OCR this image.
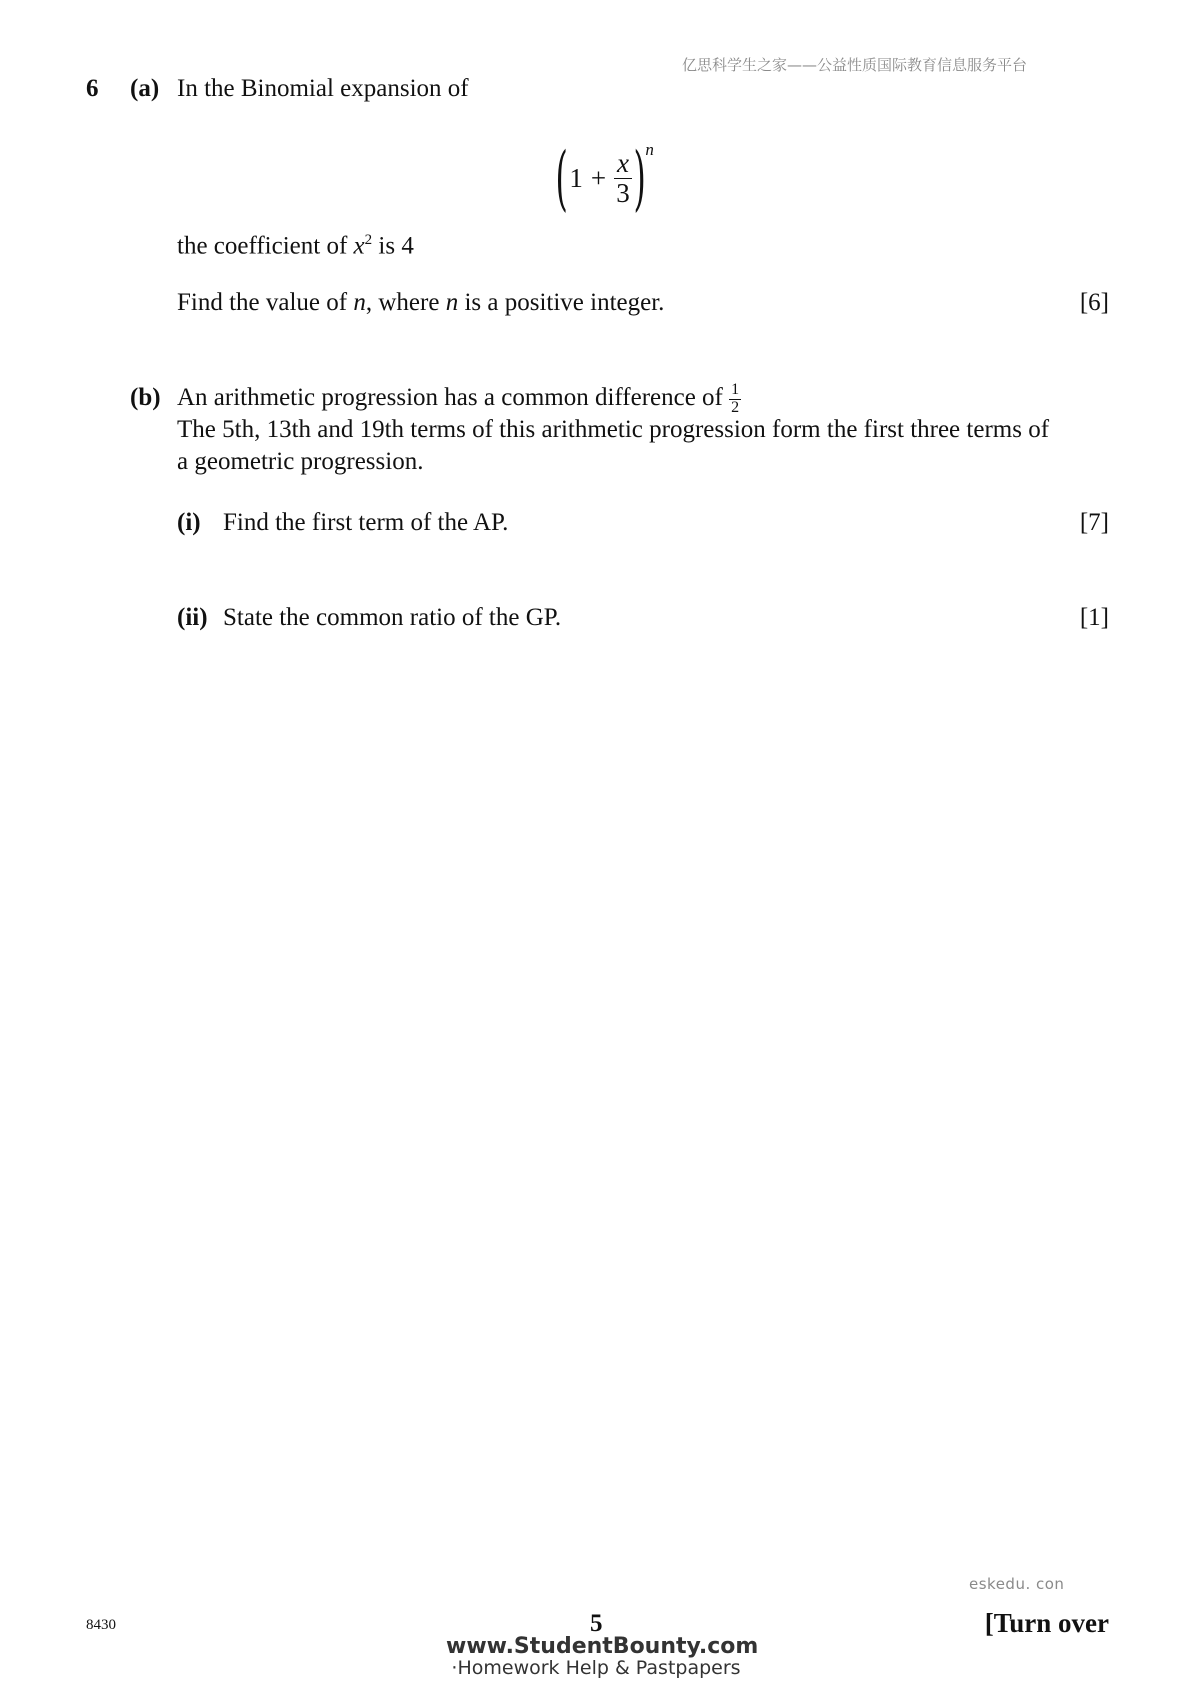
亿思科学生之家——公益性质国际教育信息服务平台
6 (a) In the Binomial expansion of
( $1 + \frac{x}{3} )^n$
the coefficient of $x^2$ is 4
Find the value of n, where n is a positive integer.	[6]
(b) An arithmetic progression has a common difference of $\frac{1}{2}$
The 5th, 13th and 19th terms of this arithmetic progression form the first three terms of
a geometric progression.
(i) Find the first term of the AP.	[7]
(ii) State the common ratio of the GP.	[1]
eskedu. con
8430	5	[Turn over
www.StudentBounty.com
·Homework Help & Pastpapers
